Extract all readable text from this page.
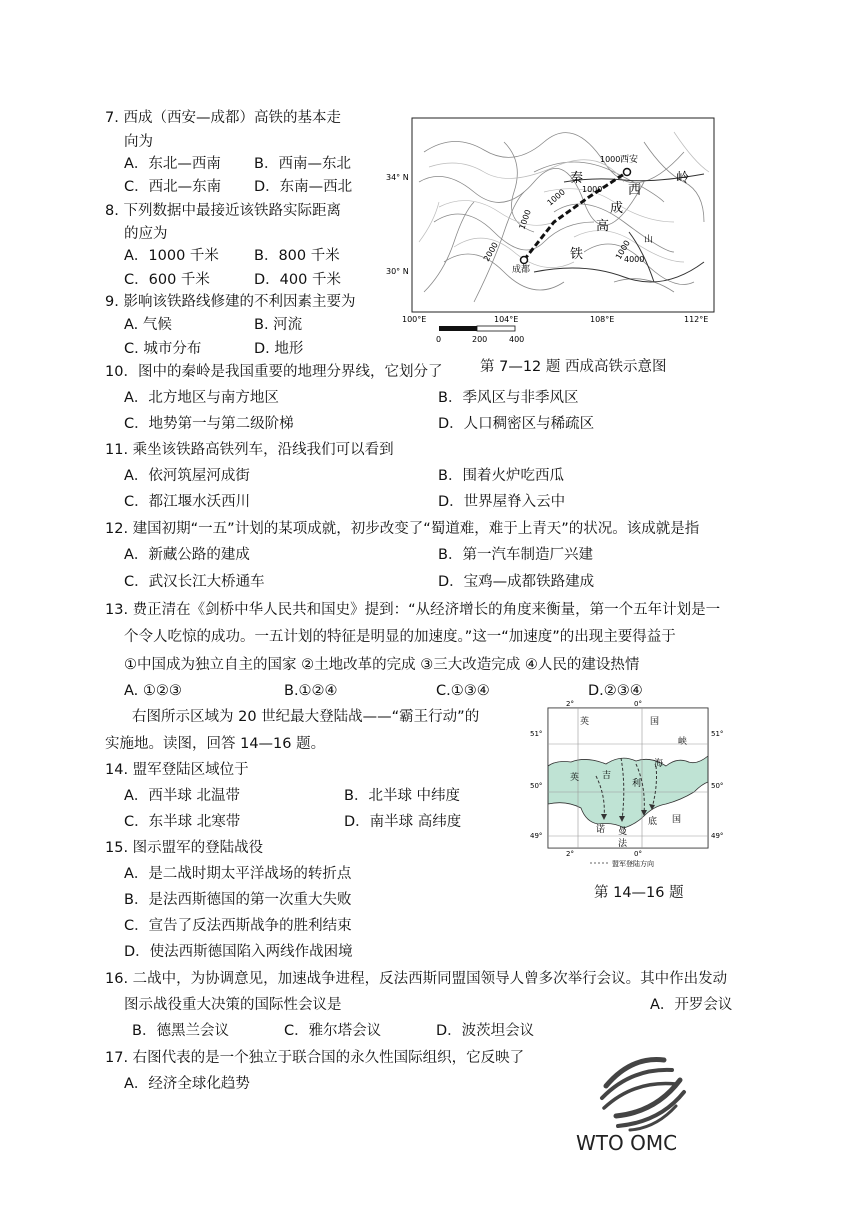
7. 西成（西安—成都）高铁的基本走
向为
A．东北—西南 B．西南—东北
C．西北—东南 D．东南—西北
8. 下列数据中最接近该铁路实际距离
的应为
A．1000 千米 B．800 千米
C．600 千米	D．400 千米
9. 影响该铁路线修建的不利因素主要为
A. 气候	B. 河流
C. 城市分布	D. 地形
西安
成都
秦	岭
西
成
高
铁
1000
1000
1000
1000
2000	1000 山
4000
34° N
30° N
100°E	104°E	108°E	112°E
0	200	400
第 7—12 题 西成高铁示意图
10．图中的秦岭是我国重要的地理分界线，它划分了
A．北方地区与南方地区	B．季风区与非季风区
C．地势第一与第二级阶梯	D．人口稠密区与稀疏区
11. 乘坐该铁路高铁列车，沿线我们可以看到
A．依河筑屋河成街	B．围着火炉吃西瓜
C．都江堰水沃西川	D．世界屋脊入云中
12. 建国初期“一五”计划的某项成就，初步改变了“蜀道难，难于上青天”的状况。该成就是指
A．新藏公路的建成	B．第一汽车制造厂兴建
C．武汉长江大桥通车	D．宝鸡—成都铁路建成
13. 费正清在《剑桥中华人民共和国史》提到：“从经济增长的角度来衡量，第一个五年计划是一
个令人吃惊的成功。一五计划的特征是明显的加速度。”这一“加速度”的出现主要得益于
①中国成为独立自主的国家 ②土地改革的完成 ③三大改造完成 ④人民的建设热情
A. ①②③	B.①②④	C.①③④	D.②③④
右图所示区域为 20 世纪最大登陆战——“霸王行动”的
实施地。读图，回答 14—16 题。
英	国
英	吉
利
海
峡
诺 曼
底 国
法
2°	0°
2°	0°
51°
50°
49°
51°
50°
49°
盟军登陆方向
第 14—16 题
14. 盟军登陆区域位于
A．西半球 北温带	B．北半球 中纬度
C．东半球 北寒带	D．南半球 高纬度
15. 图示盟军的登陆战役
A．是二战时期太平洋战场的转折点
B．是法西斯德国的第一次重大失败
C．宣告了反法西斯战争的胜利结束
D．使法西斯德国陷入两线作战困境
16. 二战中，为协调意见，加速战争进程，反法西斯同盟国领导人曾多次举行会议。其中作出发动
图示战役重大决策的国际性会议是	A．开罗会议
B．德黑兰会议	C．雅尔塔会议	D．波茨坦会议
17. 右图代表的是一个独立于联合国的永久性国际组织，它反映了
A．经济全球化趋势
WTO OMC
